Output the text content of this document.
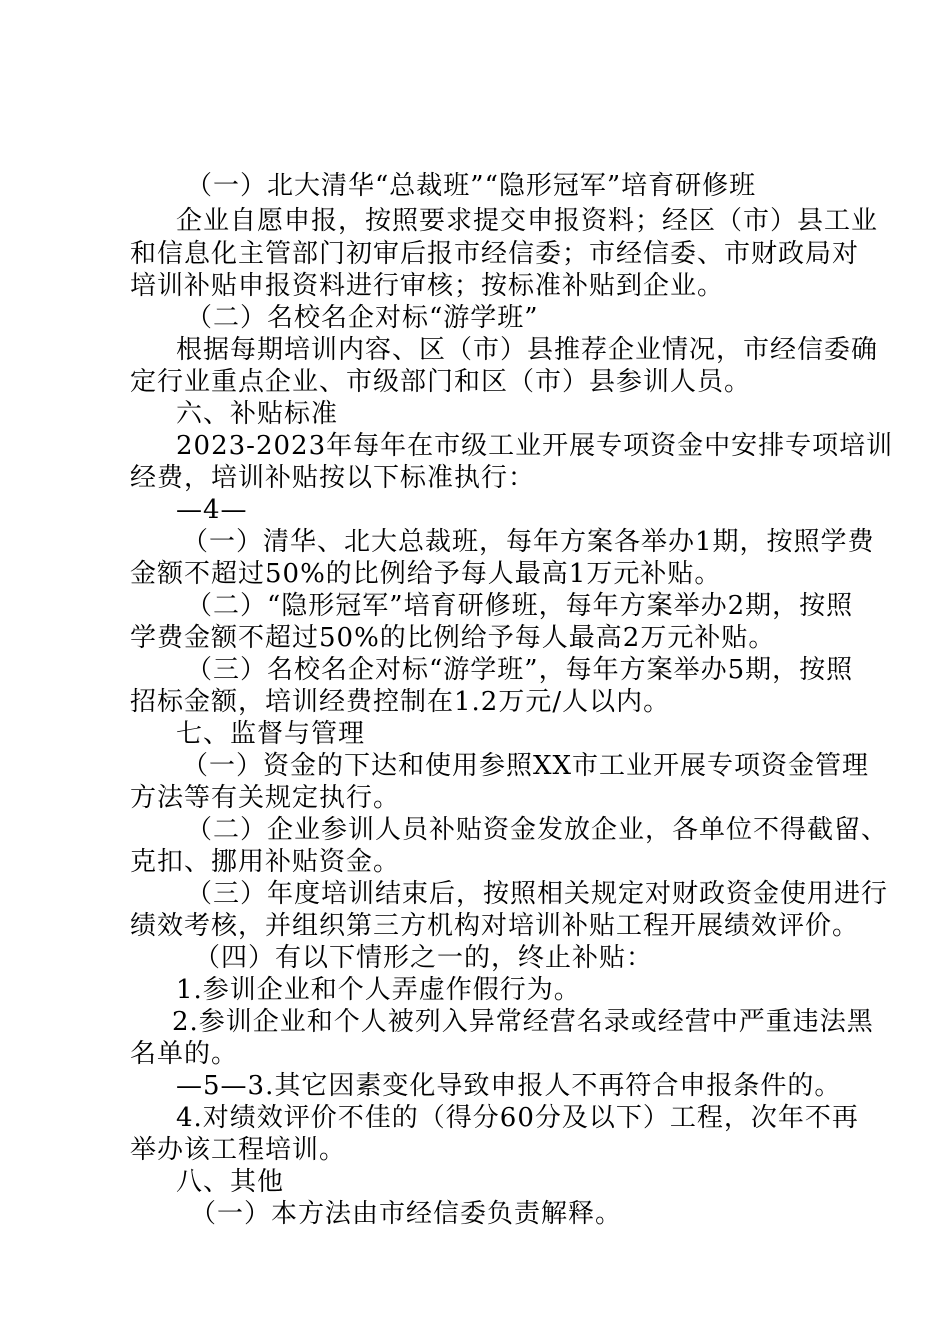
（一）北大清华“总裁班”“隐形冠军”培育研修班
企业自愿申报，按照要求提交申报资料；经区（市）县工业
和信息化主管部门初审后报市经信委；市经信委、市财政局对
培训补贴申报资料进行审核；按标准补贴到企业。
（二）名校名企对标“游学班”
根据每期培训内容、区（市）县推荐企业情况，市经信委确
定行业重点企业、市级部门和区（市）县参训人员。
六、补贴标准
2023-2023年每年在市级工业开展专项资金中安排专项培训
经费，培训补贴按以下标准执行：
—4—
（一）清华、北大总裁班，每年方案各举办1期，按照学费
金额不超过50%的比例给予每人最高1万元补贴。
（二）“隐形冠军”培育研修班，每年方案举办2期，按照
学费金额不超过50%的比例给予每人最高2万元补贴。
（三）名校名企对标“游学班”，每年方案举办5期，按照
招标金额，培训经费控制在1.2万元/人以内。
七、监督与管理
（一）资金的下达和使用参照XX市工业开展专项资金管理
方法等有关规定执行。
（二）企业参训人员补贴资金发放企业，各单位不得截留、
克扣、挪用补贴资金。
（三）年度培训结束后，按照相关规定对财政资金使用进行
绩效考核，并组织第三方机构对培训补贴工程开展绩效评价。
（四）有以下情形之一的，终止补贴：
1.参训企业和个人弄虚作假行为。
2.参训企业和个人被列入异常经营名录或经营中严重违法黑
名单的。
—5—3.其它因素变化导致申报人不再符合申报条件的。
4.对绩效评价不佳的（得分60分及以下）工程，次年不再
举办该工程培训。
八、其他
（一）本方法由市经信委负责解释。
